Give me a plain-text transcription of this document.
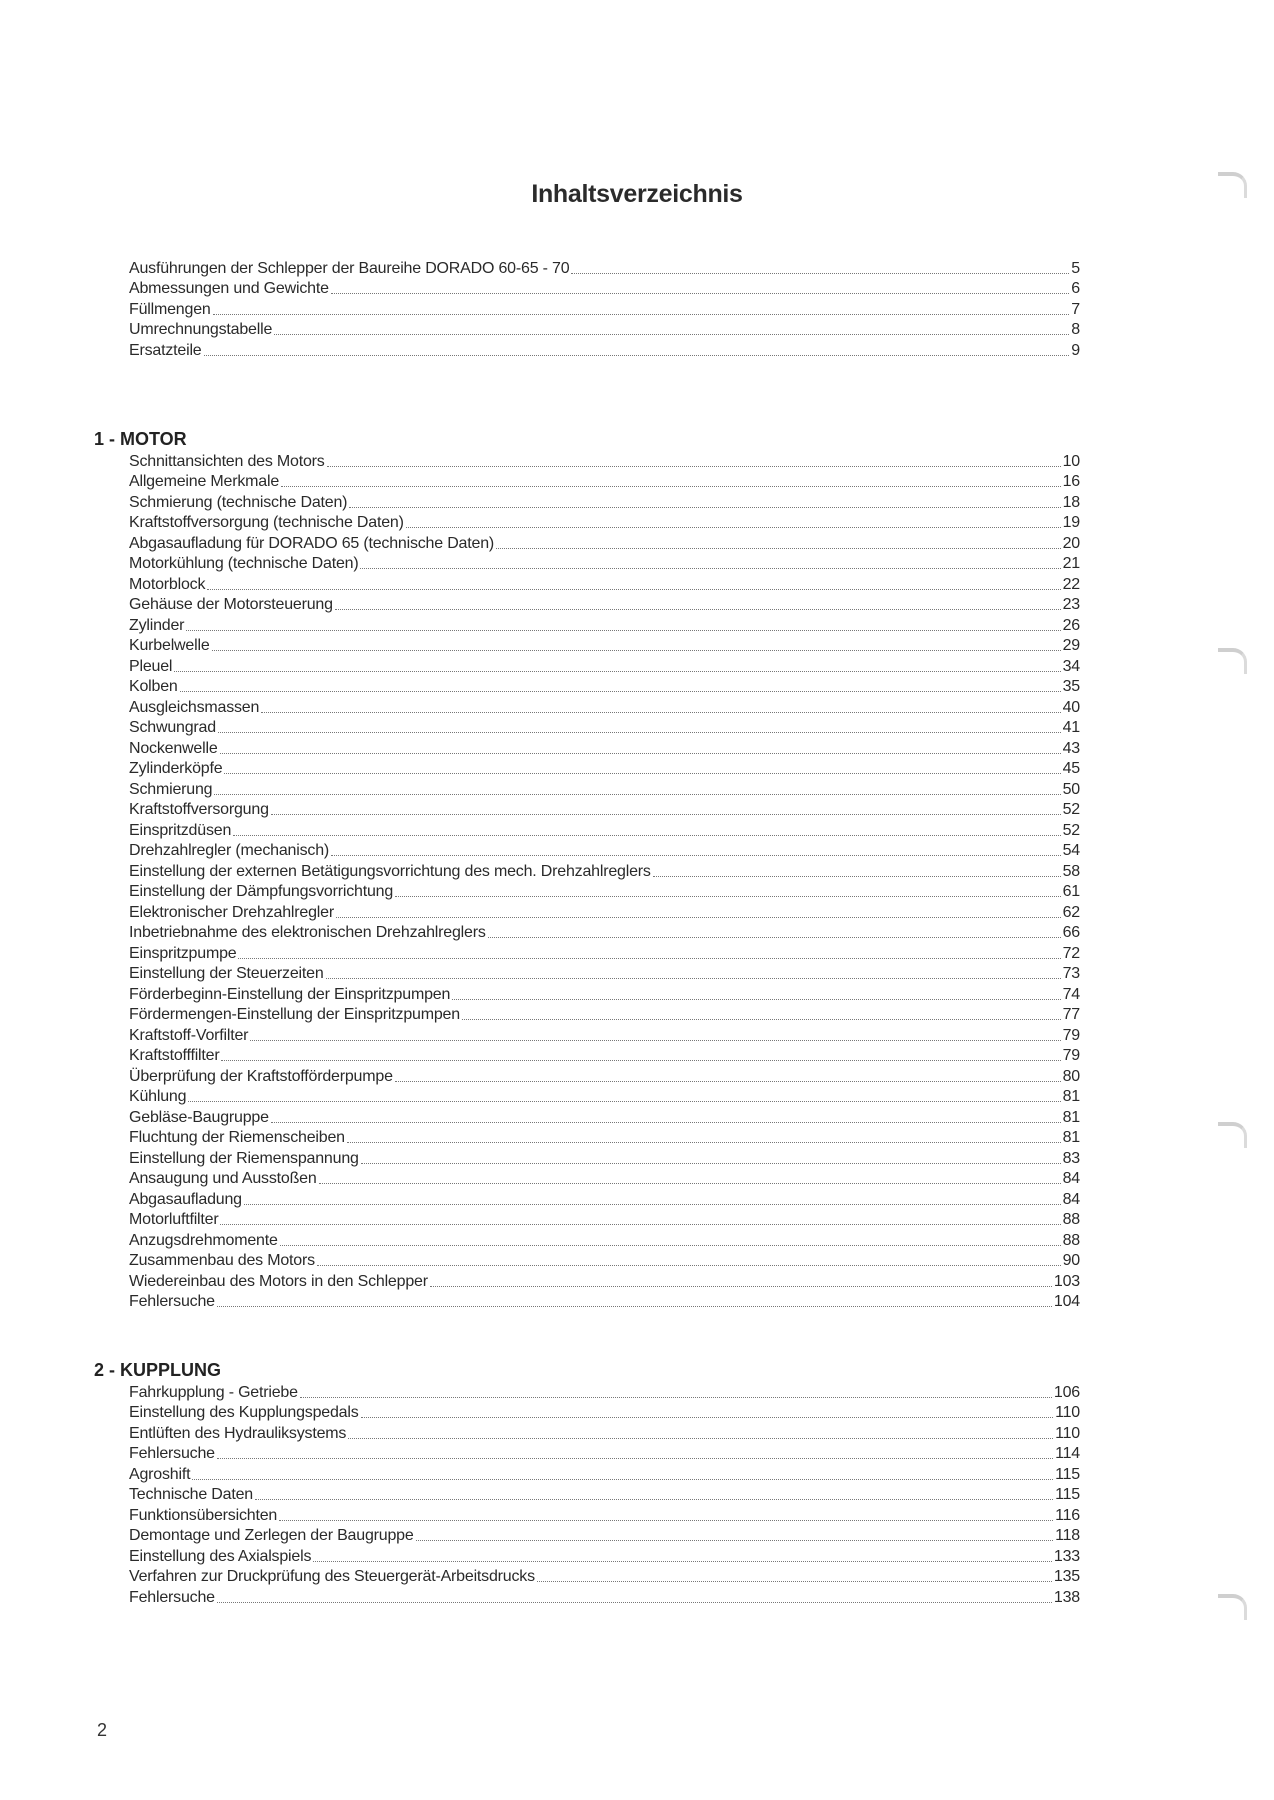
Inhaltsverzeichnis
Ausführungen der Schlepper der Baureihe DORADO 60-65 - 70	5
Abmessungen und Gewichte	6
Füllmengen	7
Umrechnungstabelle	8
Ersatzteile	9
1 - MOTOR
Schnittansichten des Motors	10
Allgemeine Merkmale	16
Schmierung (technische Daten)	18
Kraftstoffversorgung (technische Daten)	19
Abgasaufladung für DORADO 65 (technische Daten)	20
Motorkühlung (technische Daten)	21
Motorblock	22
Gehäuse der Motorsteuerung	23
Zylinder	26
Kurbelwelle	29
Pleuel	34
Kolben	35
Ausgleichsmassen	40
Schwungrad	41
Nockenwelle	43
Zylinderköpfe	45
Schmierung	50
Kraftstoffversorgung	52
Einspritzdüsen	52
Drehzahlregler (mechanisch)	54
Einstellung der externen Betätigungsvorrichtung des mech. Drehzahlreglers	58
Einstellung der Dämpfungsvorrichtung	61
Elektronischer Drehzahlregler	62
Inbetriebnahme des elektronischen Drehzahlreglers	66
Einspritzpumpe	72
Einstellung der Steuerzeiten	73
Förderbeginn-Einstellung der Einspritzpumpen	74
Fördermengen-Einstellung der Einspritzpumpen	77
Kraftstoff-Vorfilter	79
Kraftstofffilter	79
Überprüfung der Kraftstofförderpumpe	80
Kühlung	81
Gebläse-Baugruppe	81
Fluchtung der Riemenscheiben	81
Einstellung der Riemenspannung	83
Ansaugung und Ausstoßen	84
Abgasaufladung	84
Motorluftfilter	88
Anzugsdrehmomente	88
Zusammenbau des Motors	90
Wiedereinbau des Motors in den Schlepper	103
Fehlersuche	104
2 - KUPPLUNG
Fahrkupplung - Getriebe	106
Einstellung des Kupplungspedals	110
Entlüften des Hydrauliksystems	110
Fehlersuche	114
Agroshift	115
Technische Daten	115
Funktionsübersichten	116
Demontage und Zerlegen der Baugruppe	118
Einstellung des Axialspiels	133
Verfahren zur Druckprüfung des Steuergerät-Arbeitsdrucks	135
Fehlersuche	138
2
